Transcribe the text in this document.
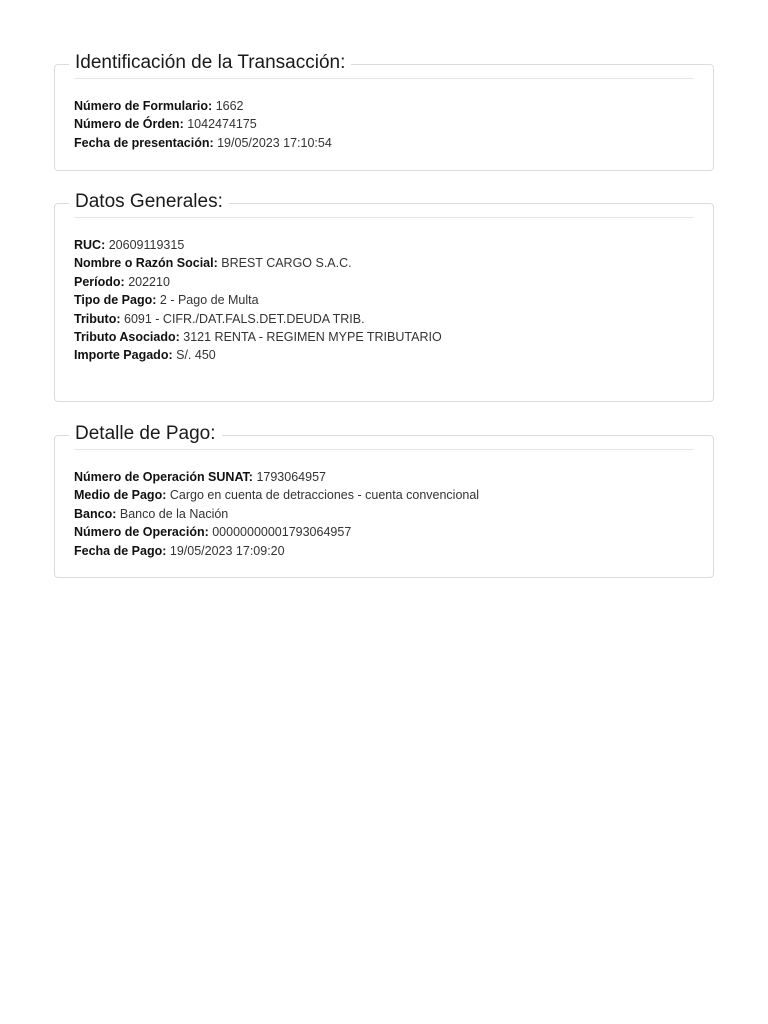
Identificación de la Transacción:
Número de Formulario: 1662
Número de Órden: 1042474175
Fecha de presentación: 19/05/2023 17:10:54
Datos Generales:
RUC: 20609119315
Nombre o Razón Social: BREST CARGO S.A.C.
Período: 202210
Tipo de Pago: 2 - Pago de Multa
Tributo: 6091 - CIFR./DAT.FALS.DET.DEUDA TRIB.
Tributo Asociado: 3121 RENTA - REGIMEN MYPE TRIBUTARIO
Importe Pagado: S/. 450
Detalle de Pago:
Número de Operación SUNAT: 1793064957
Medio de Pago: Cargo en cuenta de detracciones - cuenta convencional
Banco: Banco de la Nación
Número de Operación: 00000000001793064957
Fecha de Pago: 19/05/2023 17:09:20
